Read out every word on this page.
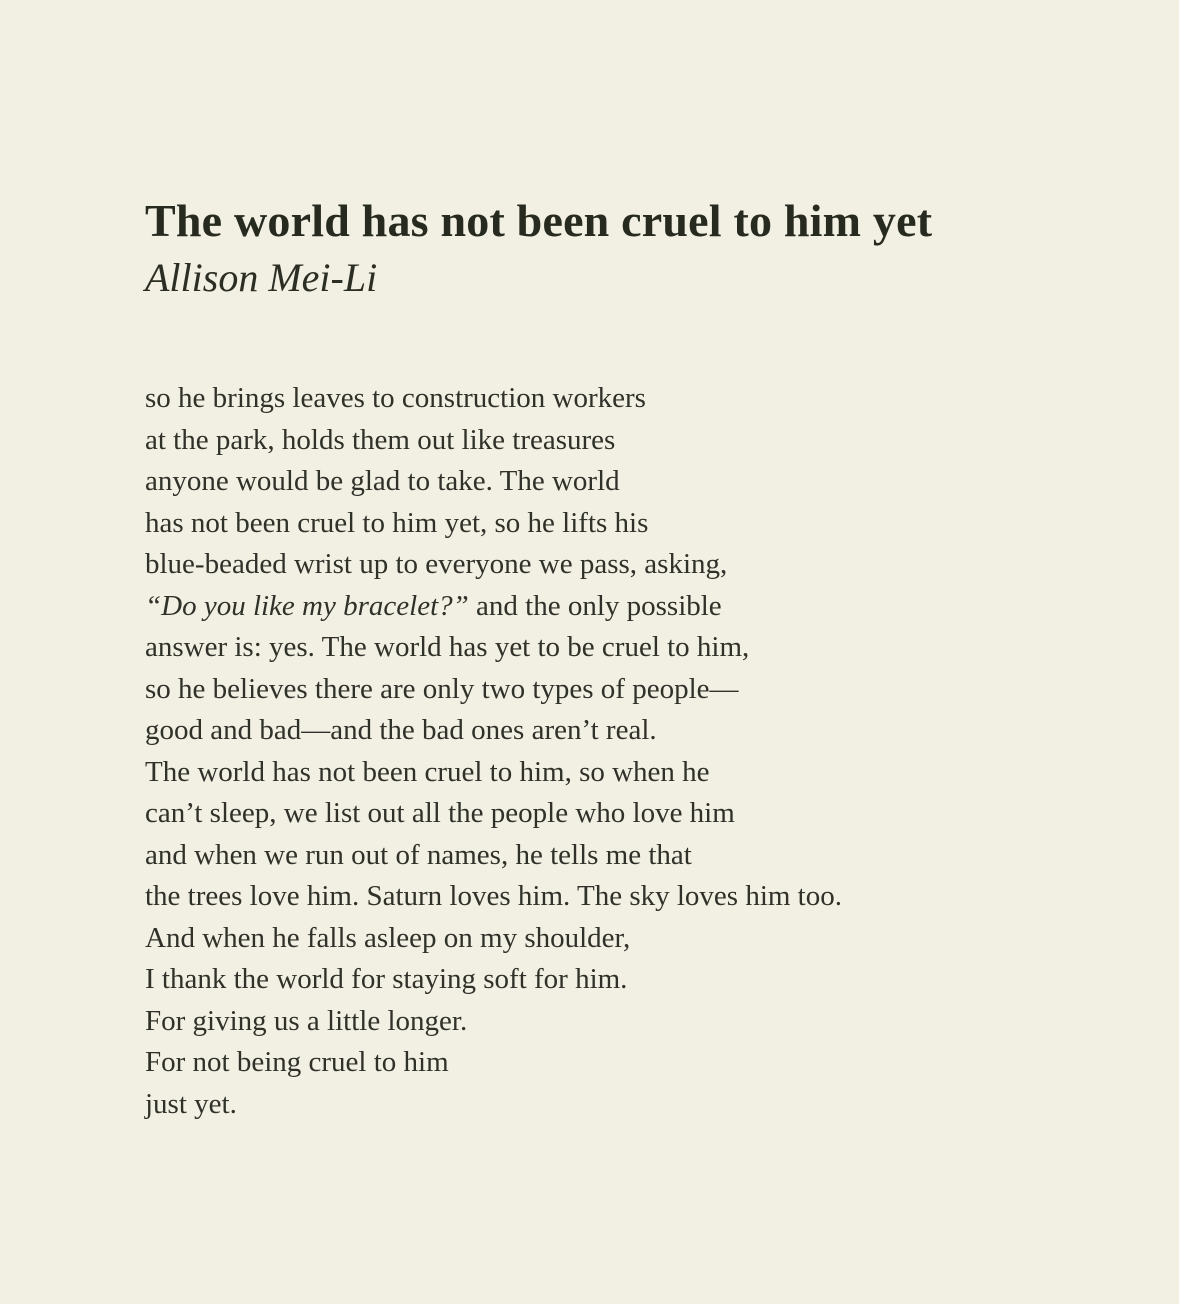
The world has not been cruel to him yet
Allison Mei-Li
so he brings leaves to construction workers
at the park, holds them out like treasures
anyone would be glad to take. The world
has not been cruel to him yet, so he lifts his
blue-beaded wrist up to everyone we pass, asking,
“Do you like my bracelet?” and the only possible
answer is: yes. The world has yet to be cruel to him,
so he believes there are only two types of people—
good and bad—and the bad ones aren’t real.
The world has not been cruel to him, so when he
can’t sleep, we list out all the people who love him
and when we run out of names, he tells me that
the trees love him. Saturn loves him. The sky loves him too.
And when he falls asleep on my shoulder,
I thank the world for staying soft for him.
For giving us a little longer.
For not being cruel to him
just yet.
